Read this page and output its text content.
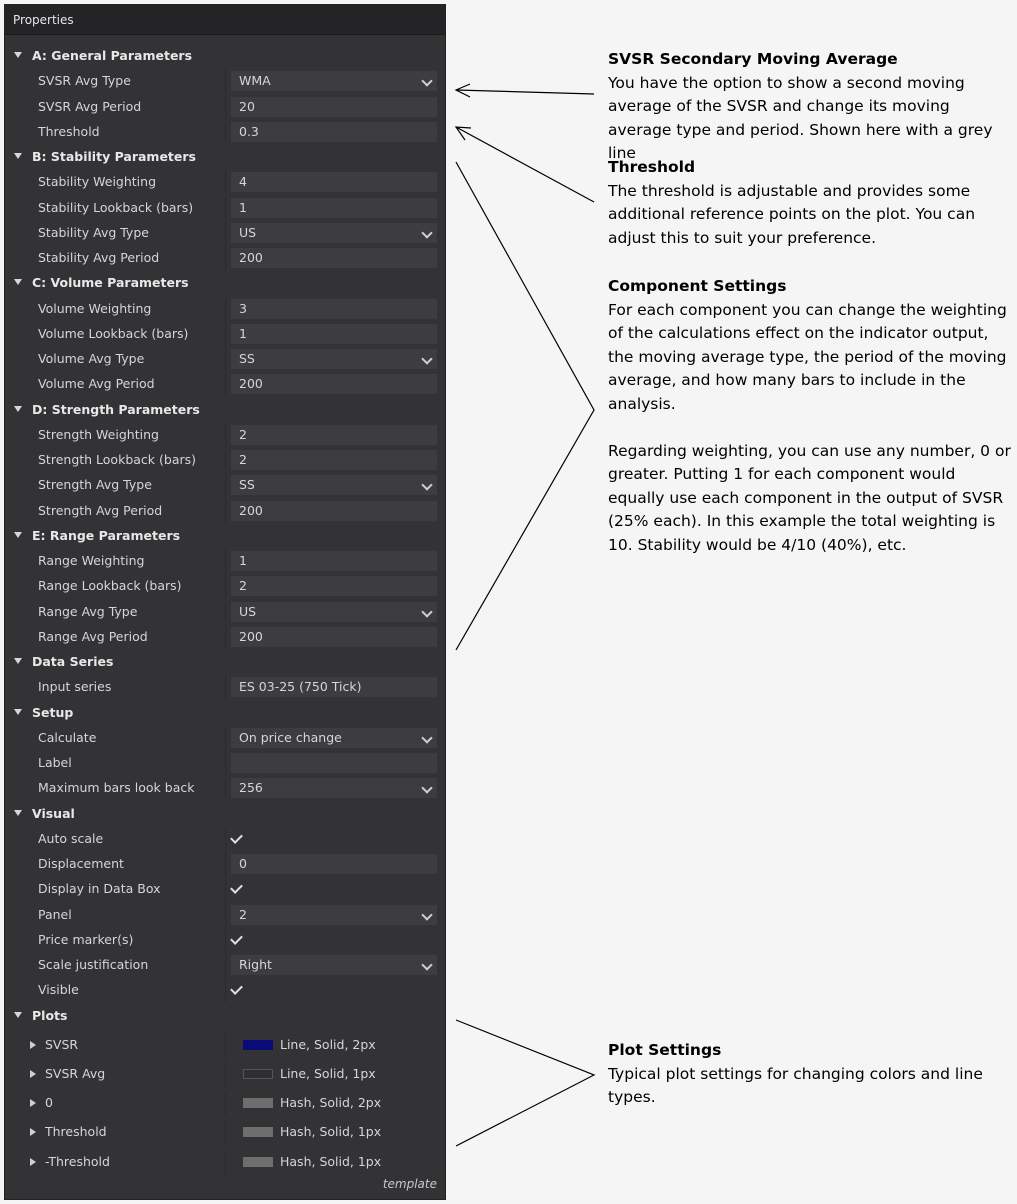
Properties
A: General Parameters
SVSR Avg Type	WMA
SVSR Avg Period	20
Threshold	0.3
B: Stability Parameters
Stability Weighting	4
Stability Lookback (bars)	1
Stability Avg Type	US
Stability Avg Period	200
C: Volume Parameters
Volume Weighting	3
Volume Lookback (bars)	1
Volume Avg Type	SS
Volume Avg Period	200
D: Strength Parameters
Strength Weighting	2
Strength Lookback (bars)	2
Strength Avg Type	SS
Strength Avg Period	200
E: Range Parameters
Range Weighting	1
Range Lookback (bars)	2
Range Avg Type	US
Range Avg Period	200
Data Series
Input series	ES 03-25 (750 Tick)
Setup
Calculate	On price change
Label
Maximum bars look back	256
Visual
Auto scale
Displacement	0
Display in Data Box
Panel	2
Price marker(s)
Scale justification	Right
Visible
Plots
SVSR	Line, Solid, 2px
SVSR Avg	Line, Solid, 1px
0	Hash, Solid, 2px
Threshold	Hash, Solid, 1px
-Threshold	Hash, Solid, 1px
template
SVSR Secondary Moving Average
You have the option to show a second moving average of the SVSR and change its moving average type and period. Shown here with a grey line
Threshold
The threshold is adjustable and provides some additional reference points on the plot. You can adjust this to suit your preference.
Component Settings
For each component you can change the weighting of the calculations effect on the indicator output, the moving average type, the period of the moving average, and how many bars to include in the analysis.

Regarding weighting, you can use any number, 0 or greater. Putting 1 for each component would equally use each component in the output of SVSR (25% each). In this example the total weighting is 10. Stability would be 4/10 (40%), etc.
Plot Settings
Typical plot settings for changing colors and line types.
